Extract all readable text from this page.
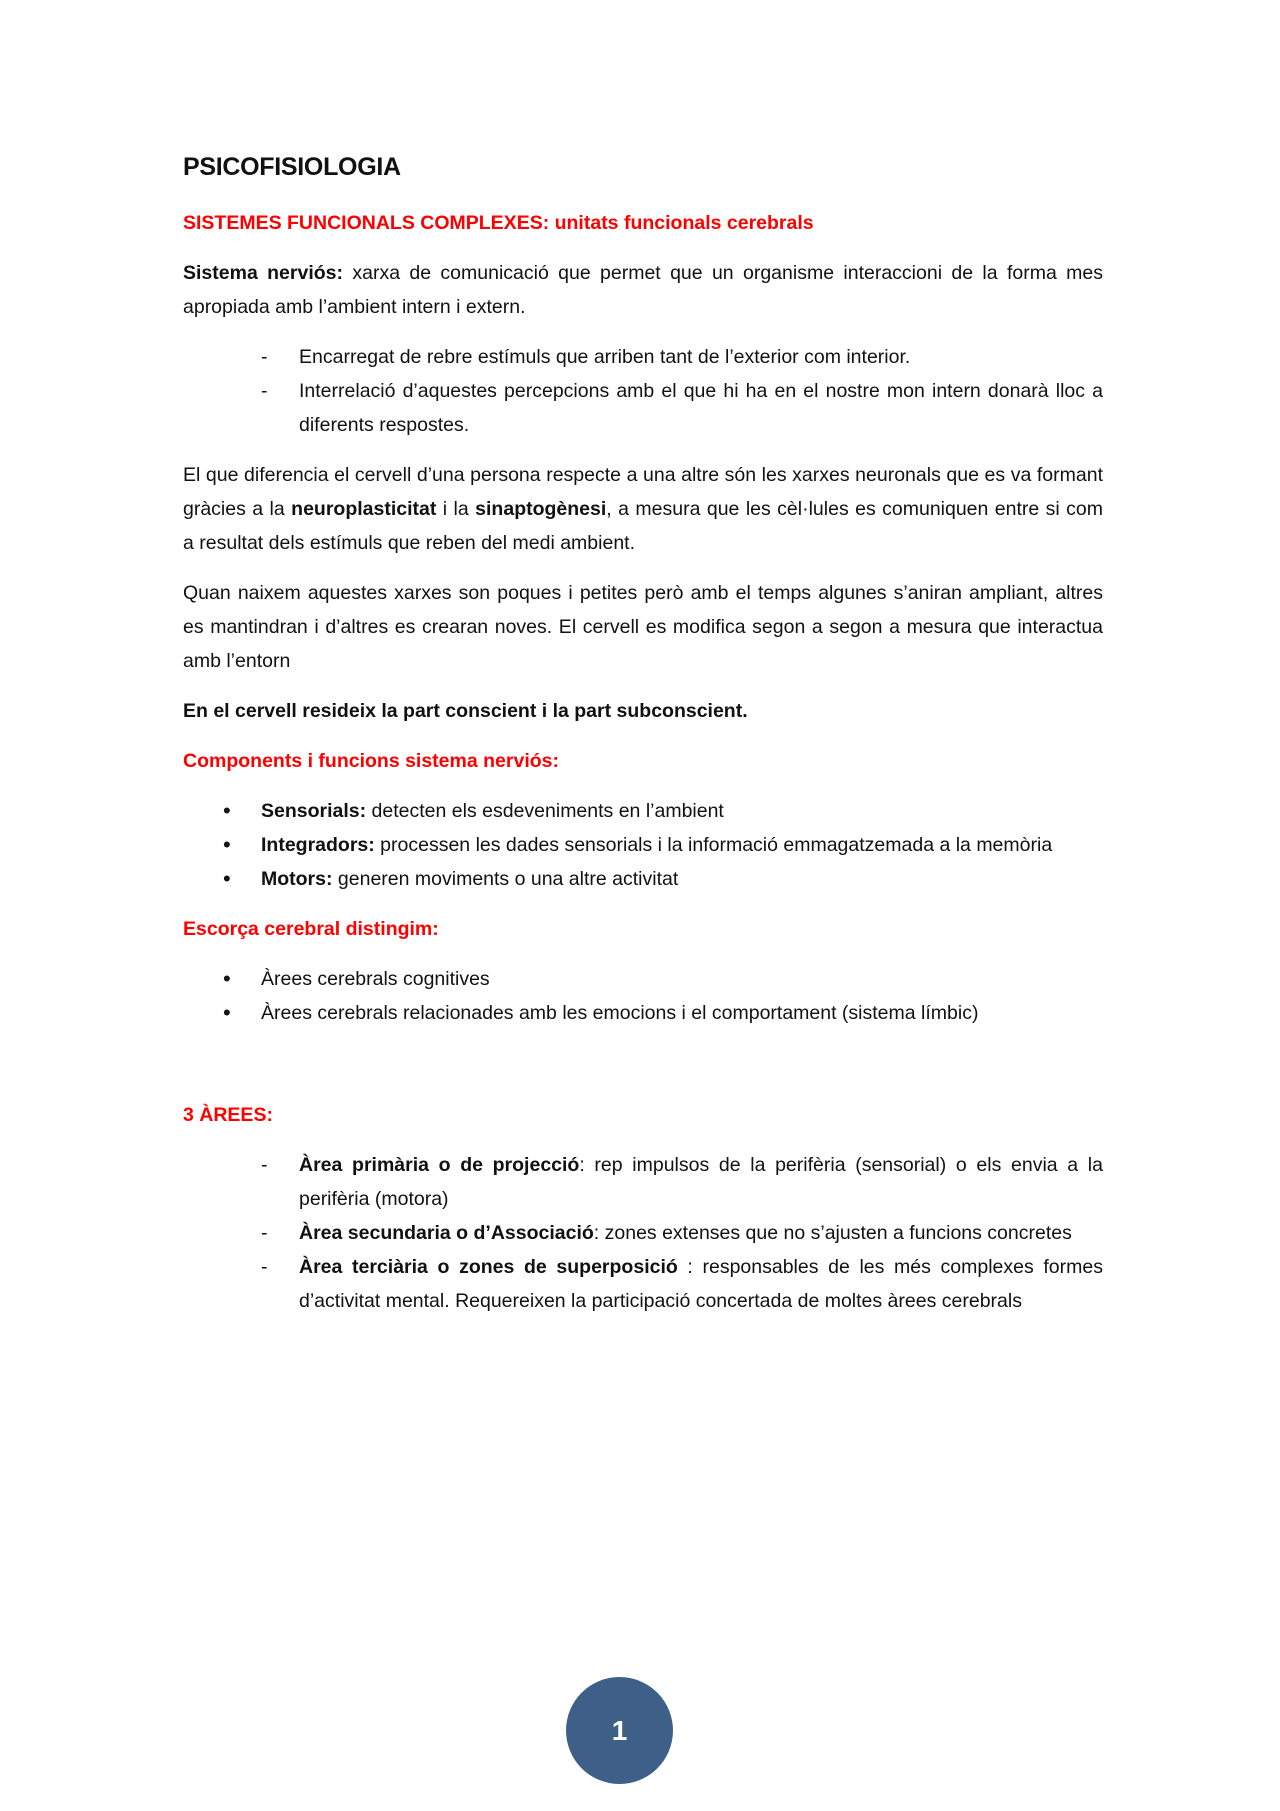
PSICOFISIOLOGIA
SISTEMES FUNCIONALS COMPLEXES: unitats funcionals cerebrals

Sistema nerviós: xarxa de comunicació que permet que un organisme interaccioni de la forma mes apropiada amb l’ambient intern i extern.

- Encarregat de rebre estímuls que arriben tant de l’exterior com interior.
- Interrelació d’aquestes percepcions amb el que hi ha en el nostre mon intern donarà lloc a diferents respostes.

El que diferencia el cervell d’una persona respecte a una altre són les xarxes neuronals que es va formant gràcies a la neuroplasticitat i la sinaptogènesi, a mesura que les cèl·lules es comuniquen entre si com a resultat dels estímuls que reben del medi ambient.

Quan naixem aquestes xarxes son poques i petites però amb el temps algunes s’aniran ampliant, altres es mantindran i d’altres es crearan noves. El cervell es modifica segon a segon a mesura que interactua amb l’entorn

En el cervell resideix la part conscient i la part subconscient.

Components i funcions sistema nerviós:
• Sensorials: detecten els esdeveniments en l’ambient
• Integradors: processen les dades sensorials i la informació emmagatzemada a la memòria
• Motors: generen moviments o una altre activitat
Escorça cerebral distingim:
• Àrees cerebrals cognitives
• Àrees cerebrals relacionades amb les emocions i el comportament (sistema límbic)
3 ÀREES:
- Àrea primària o de projecció: rep impulsos de la perifèria (sensorial) o els envia a la perifèria (motora)
- Àrea secundaria o d’Associació: zones extenses que no s’ajusten a funcions concretes
- Àrea terciària o zones de superposició : responsables de les més complexes formes d’activitat mental. Requereixen la participació concertada de moltes àrees cerebrals
1
